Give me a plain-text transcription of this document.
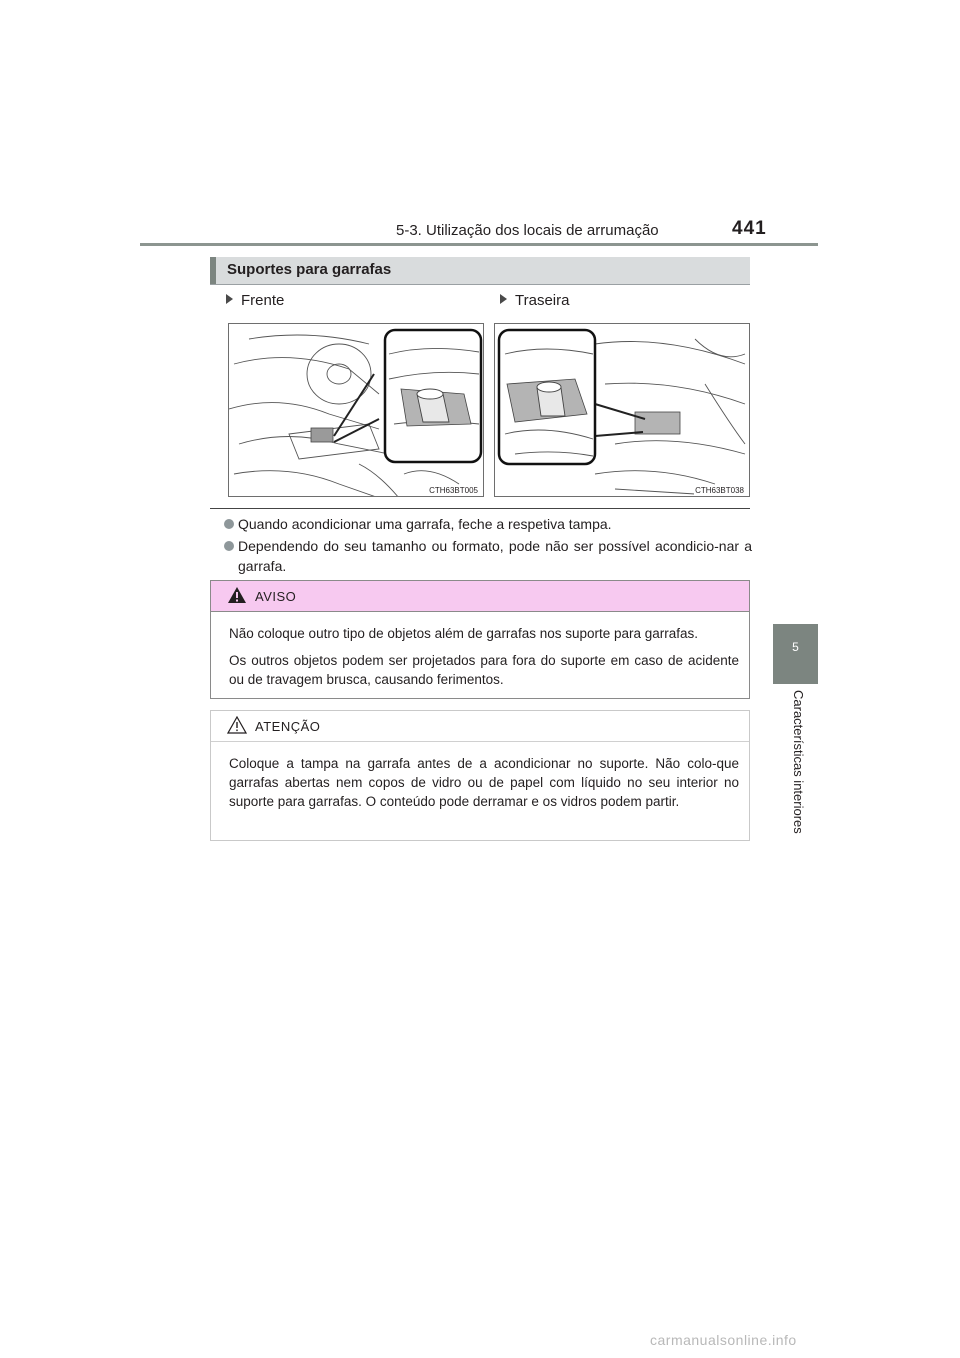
5-3. Utilização dos locais de arrumação	441
5
Características interiores
Suportes para garrafas
Frente	Traseira
CTH63BT005	CTH63BT038
Quando acondicionar uma garrafa, feche a respetiva tampa.
Dependendo do seu tamanho ou formato, pode não ser possível acondicio-nar a garrafa.
AVISO

Não coloque outro tipo de objetos além de garrafas nos suporte para garrafas.

Os outros objetos podem ser projetados para fora do suporte em caso de acidente ou de travagem brusca, causando ferimentos.

ATENÇÃO

Coloque a tampa na garrafa antes de a acondicionar no suporte. Não colo-que garrafas abertas nem copos de vidro ou de papel com líquido no seu interior no suporte para garrafas. O conteúdo pode derramar e os vidros podem partir.

carmanualsonline.info
